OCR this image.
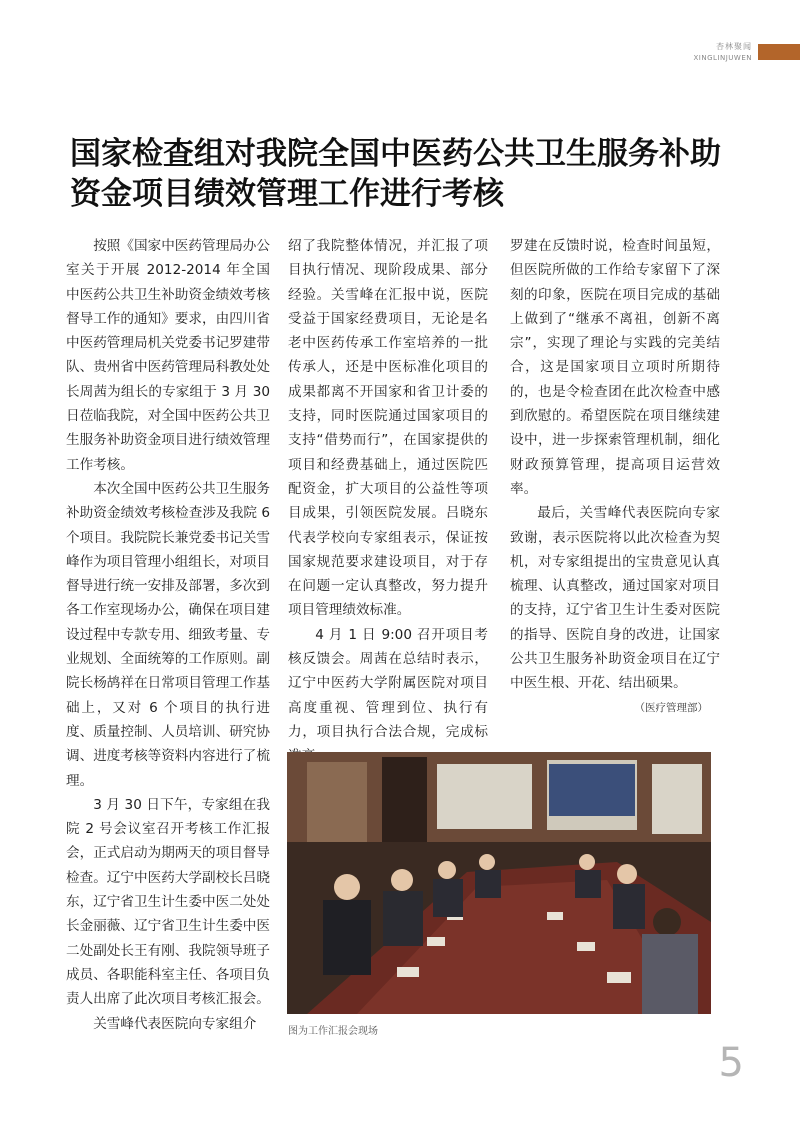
杏林聚闻
XINGLINJUWEN
国家检查组对我院全国中医药公共卫生服务补助
资金项目绩效管理工作进行考核

按照《国家中医药管理局办公室关于开展 2012-2014 年全国中医药公共卫生补助资金绩效考核督导工作的通知》要求，由四川省中医药管理局机关党委书记罗建带队、贵州省中医药管理局科教处处长周茜为组长的专家组于 3 月 30 日莅临我院，对全国中医药公共卫生服务补助资金项目进行绩效管理工作考核。

本次全国中医药公共卫生服务补助资金绩效考核检查涉及我院 6 个项目。我院院长兼党委书记关雪峰作为项目管理小组组长，对项目督导进行统一安排及部署，多次到各工作室现场办公，确保在项目建设过程中专款专用、细致考量、专业规划、全面统筹的工作原则。副院长杨鸪祥在日常项目管理工作基础上，又对 6 个项目的执行进度、质量控制、人员培训、研究协调、进度考核等资料内容进行了梳理。

3 月 30 日下午，专家组在我院 2 号会议室召开考核工作汇报会，正式启动为期两天的项目督导检查。辽宁中医药大学副校长吕晓东，辽宁省卫生计生委中医二处处长金丽薇、辽宁省卫生计生委中医二处副处长王有刚、我院领导班子成员、各职能科室主任、各项目负责人出席了此次项目考核汇报会。

关雪峰代表医院向专家组介

绍了我院整体情况，并汇报了项目执行情况、现阶段成果、部分经验。关雪峰在汇报中说，医院受益于国家经费项目，无论是名老中医药传承工作室培养的一批传承人，还是中医标准化项目的成果都离不开国家和省卫计委的支持，同时医院通过国家项目的支持“借势而行”，在国家提供的项目和经费基础上，通过医院匹配资金，扩大项目的公益性等项目成果，引领医院发展。吕晓东代表学校向专家组表示，保证按国家规范要求建设项目，对于存在问题一定认真整改，努力提升项目管理绩效标准。

4 月 1 日 9:00 召开项目考核反馈会。周茜在总结时表示，辽宁中医药大学附属医院对项目高度重视、管理到位、执行有力，项目执行合法合规，完成标

罗建在反馈时说，检查时间虽短，但医院所做的工作给专家留下了深刻的印象，医院在项目完成的基础上做到了“继承不离祖，创新不离宗”，实现了理论与实践的完美结合，这是国家项目立项时所期待的，也是令检查团在此次检查中感到欣慰的。希望医院在项目继续建设中，进一步探索管理机制，细化财政预算管理，提高项目运营效率。

最后，关雪峰代表医院向专家致谢，表示医院将以此次检查为契机，对专家组提出的宝贵意见认真梳理、认真整改，通过国家对项目的支持，辽宁省卫生计生委对医院的指导、医院自身的改进，让国家公共卫生服务补助资金项目在辽宁中医生根、开花、结出硕果。

（医疗管理部）
图为工作汇报会现场
5
